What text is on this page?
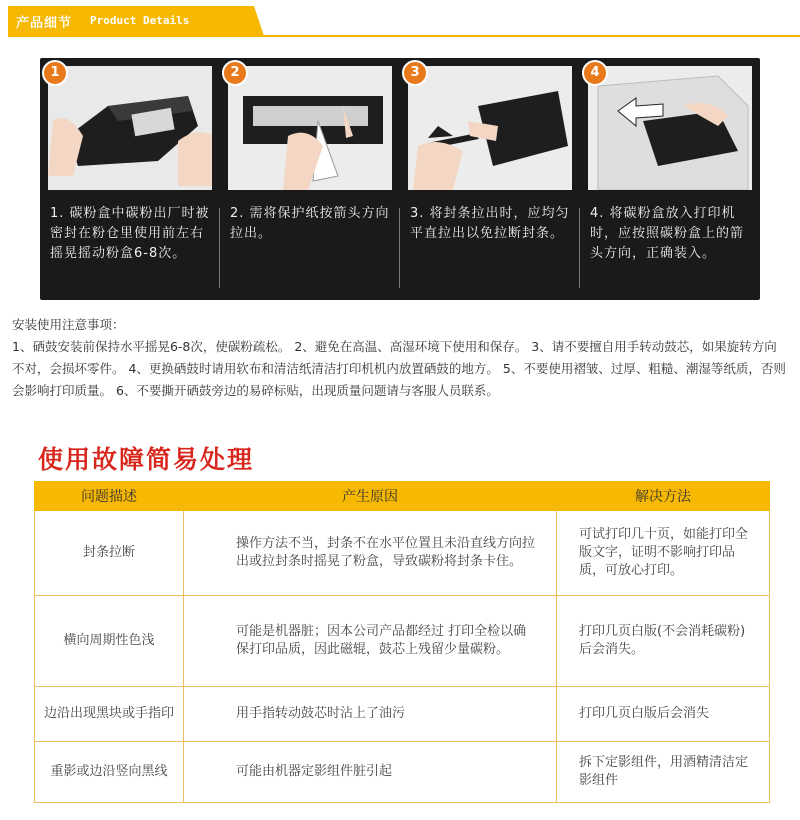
产品细节 Product Details
1
1. 碳粉盒中碳粉出厂时被密封在粉仓里使用前左右摇晃摇动粉盒6-8次。
2
2. 需将保护纸按箭头方向拉出。
3
3. 将封条拉出时，应均匀平直拉出以免拉断封条。
4
4. 将碳粉盒放入打印机时，应按照碳粉盒上的箭头方向，正确装入。
安装使用注意事项：
1、硒鼓安装前保持水平摇晃6-8次，使碳粉疏松。 2、避免在高温、高湿环境下使用和保存。 3、请不要擅自用手转动鼓芯，如果旋转方向不对，会损坏零件。 4、更换硒鼓时请用软布和清洁纸清洁打印机机内放置硒鼓的地方。 5、不要使用褶皱、过厚、粗糙、潮湿等纸质，否则会影响打印质量。 6、不要撕开硒鼓旁边的易碎标贴，出现质量问题请与客服人员联系。
使用故障简易处理
问题描述	产生原因	解决方法
封条拉断	操作方法不当，封条不在水平位置且未沿直线方向拉出或拉封条时摇晃了粉盒，导致碳粉将封条卡住。	可试打印几十页，如能打印全版文字，证明不影响打印品质，可放心打印。
横向周期性色浅	可能是机器脏；因本公司产品都经过 打印全检以确保打印品质，因此磁辊，鼓芯上残留少量碳粉。	打印几页白版(不会消耗碳粉)后会消失。
边沿出现黑块或手指印	用手指转动鼓芯时沾上了油污	打印几页白版后会消失
重影或边沿竖向黑线	可能由机器定影组件脏引起	拆下定影组件，用酒精清洁定影组件
